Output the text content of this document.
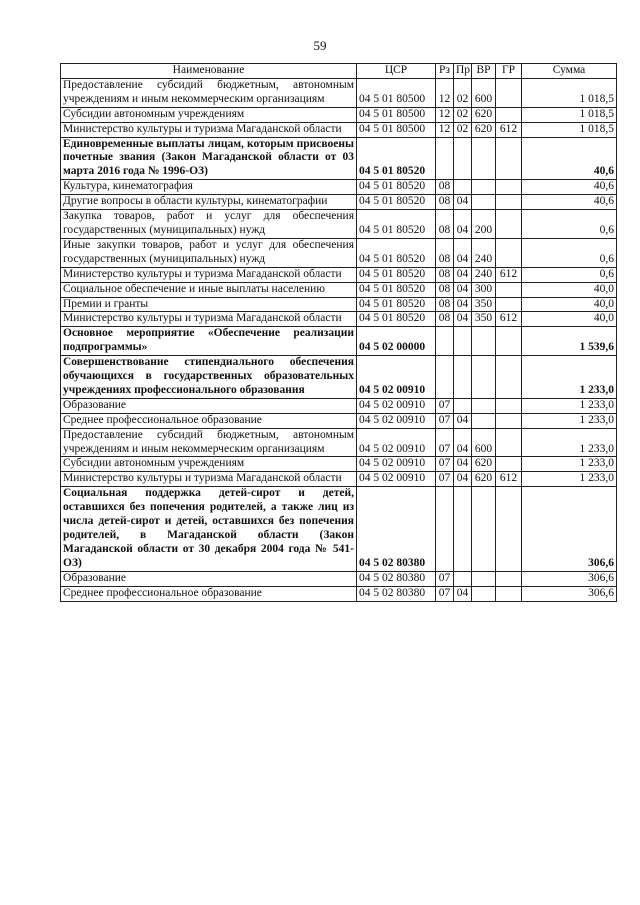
59
Наименование	ЦСР	Рз	Пр	ВР	ГР	Сумма
Предоставление субсидий бюджетным, автономным учреждениям и иным некоммерческим организациям	04 5 01 80500	12	02	600		1 018,5
Субсидии автономным учреждениям	04 5 01 80500	12	02	620		1 018,5
Министерство культуры и туризма Магаданской области	04 5 01 80500	12	02	620	612	1 018,5
Единовременные выплаты лицам, которым присвоены почетные звания (Закон Магаданской области от 03 марта 2016 года № 1996-ОЗ)	04 5 01 80520					40,6
Культура, кинематография	04 5 01 80520	08				40,6
Другие вопросы в области культуры, кинематографии	04 5 01 80520	08	04			40,6
Закупка товаров, работ и услуг для обеспечения государственных (муниципальных) нужд	04 5 01 80520	08	04	200		0,6
Иные закупки товаров, работ и услуг для обеспечения государственных (муниципальных) нужд	04 5 01 80520	08	04	240		0,6
Министерство культуры и туризма Магаданской области	04 5 01 80520	08	04	240	612	0,6
Социальное обеспечение и иные выплаты населению	04 5 01 80520	08	04	300		40,0
Премии и гранты	04 5 01 80520	08	04	350		40,0
Министерство культуры и туризма Магаданской области	04 5 01 80520	08	04	350	612	40,0
Основное мероприятие «Обеспечение реализации подпрограммы»	04 5 02 00000					1 539,6
Совершенствование стипендиального обеспечения обучающихся в государственных образовательных учреждениях профессионального образования	04 5 02 00910					1 233,0
Образование	04 5 02 00910	07				1 233,0
Среднее профессиональное образование	04 5 02 00910	07	04			1 233,0
Предоставление субсидий бюджетным, автономным учреждениям и иным некоммерческим организациям	04 5 02 00910	07	04	600		1 233,0
Субсидии автономным учреждениям	04 5 02 00910	07	04	620		1 233,0
Министерство культуры и туризма Магаданской области	04 5 02 00910	07	04	620	612	1 233,0
Социальная поддержка детей-сирот и детей, оставшихся без попечения родителей, а также лиц из числа детей-сирот и детей, оставшихся без попечения родителей, в Магаданской области (Закон Магаданской области от 30 декабря 2004 года № 541-ОЗ)	04 5 02 80380					306,6
Образование	04 5 02 80380	07				306,6
Среднее профессиональное образование	04 5 02 80380	07	04			306,6
